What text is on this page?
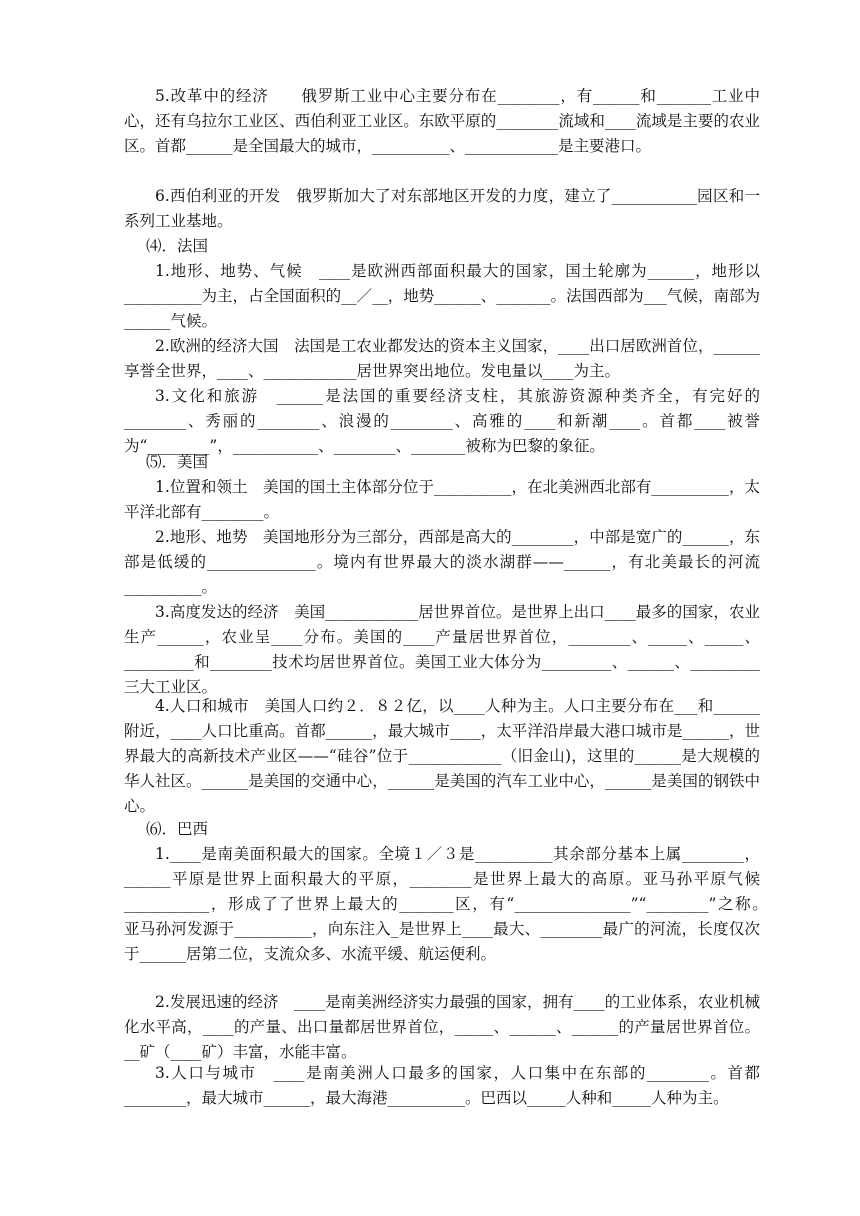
5.改革中的经济　　俄罗斯工业中心主要分布在________，有______和_______工业中心，还有乌拉尔工业区、西伯利亚工业区。东欧平原的________流域和____流域是主要的农业区。首都______是全国最大的城市，__________、____________是主要港口。

6.西伯利亚的开发　俄罗斯加大了对东部地区开发的力度，建立了___________园区和一系列工业基地。

⑷．法国

1.地形、地势、气候　____是欧洲西部面积最大的国家，国土轮廓为______，地形以__________为主，占全国面积的__／__，地势______、_______。法国西部为___气候，南部为______气候。

2.欧洲的经济大国　法国是工农业都发达的资本主义国家，____出口居欧洲首位，______享誉全世界，____、____________居世界突出地位。发电量以____为主。

3.文化和旅游　______是法国的重要经济支柱，其旅游资源种类齐全，有完好的________、秀丽的________、浪漫的________、高雅的____和新潮____。首都____被誉为“________”，___________、________、_______被称为巴黎的象征。

⑸．美国

1.位置和领土　美国的国土主体部分位于__________，在北美洲西北部有__________，太平洋北部有________。

2.地形、地势　美国地形分为三部分，西部是高大的________，中部是宽广的______，东部是低缓的______________。境内有世界最大的淡水湖群——______，有北美最长的河流__________。

3.高度发达的经济　美国____________居世界首位。是世界上出口____最多的国家，农业生产______，农业呈____分布。美国的____产量居世界首位，________、_____、_____、_________和________技术均居世界首位。美国工业大体分为_________、______、_________三大工业区。

4.人口和城市　美国人口约２．８２亿，以____人种为主。人口主要分布在___和______附近，____人口比重高。首都______，最大城市____，太平洋沿岸最大港口城市是______，世界最大的高新技术产业区——“硅谷”位于____________（旧金山)，这里的______是大规模的华人社区。______是美国的交通中心，______是美国的汽车工业中心，______是美国的钢铁中心。

⑹．巴西

1.____是南美面积最大的国家。全境１／３是__________其余部分基本上属________，______平原是世界上面积最大的平原，________是世界上最大的高原。亚马孙平原气候___________，形成了了世界上最大的_______区，有“_______________”“________”之称。　亚马孙河发源于__________，向东注入_是世界上____最大、________最广的河流，长度仅次于______居第二位，支流众多、水流平缓、航运便利。

2.发展迅速的经济　____是南美洲经济实力最强的国家，拥有____的工业体系，农业机械化水平高，____的产量、出口量都居世界首位，_____、______、______的产量居世界首位。__矿（____矿）丰富，水能丰富。

3.人口与城市　____是南美洲人口最多的国家，人口集中在东部的________。首都________，最大城市______，最大海港__________。巴西以_____人种和_____人种为主。
